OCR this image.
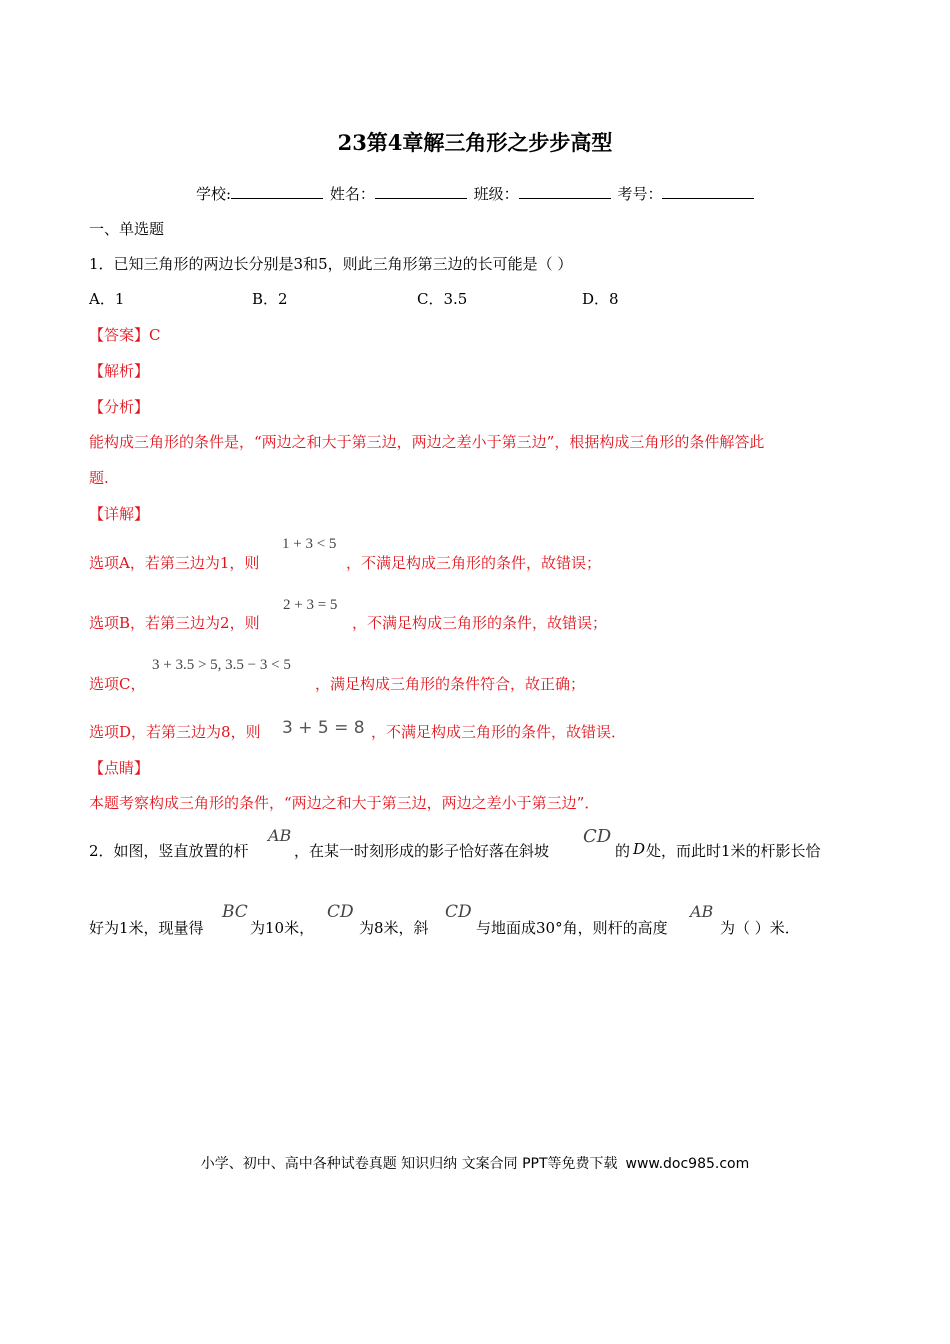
23第4章解三角形之步步高型
学校:	姓名：	班级：	考号：
一、单选题
1．已知三角形的两边长分别是3和5，则此三角形第三边的长可能是（ ）
A．1	B．2	C．3.5	D．8
【答案】C
【解析】
【分析】
能构成三角形的条件是，“两边之和大于第三边，两边之差小于第三边”，根据构成三角形的条件解答此
题.
【详解】
选项A，若第三边为1，则
1 + 3 < 5
，不满足构成三角形的条件，故错误；
选项B，若第三边为2，则
2 + 3 = 5
，不满足构成三角形的条件，故错误；
选项C，
3 + 3.5 > 5, 3.5 − 3 < 5
，满足构成三角形的条件符合，故正确；
选项D，若第三边为8，则 3 + 5 = 8 ，不满足构成三角形的条件，故错误．
【点睛】
本题考察构成三角形的条件，“两边之和大于第三边，两边之差小于第三边”．
2．如图，竖直放置的杆
AB
，在某一时刻形成的影子恰好落在斜坡
CD
的 D 处，而此时1米的杆影长恰
好为1米，现量得
BC
为10米，
CD
为8米，斜
CD
与地面成30°角，则杆的高度
AB
为（ ）米．
小学、初中、高中各种试卷真题 知识归纳 文案合同 PPT等免费下载 www.doc985.com
